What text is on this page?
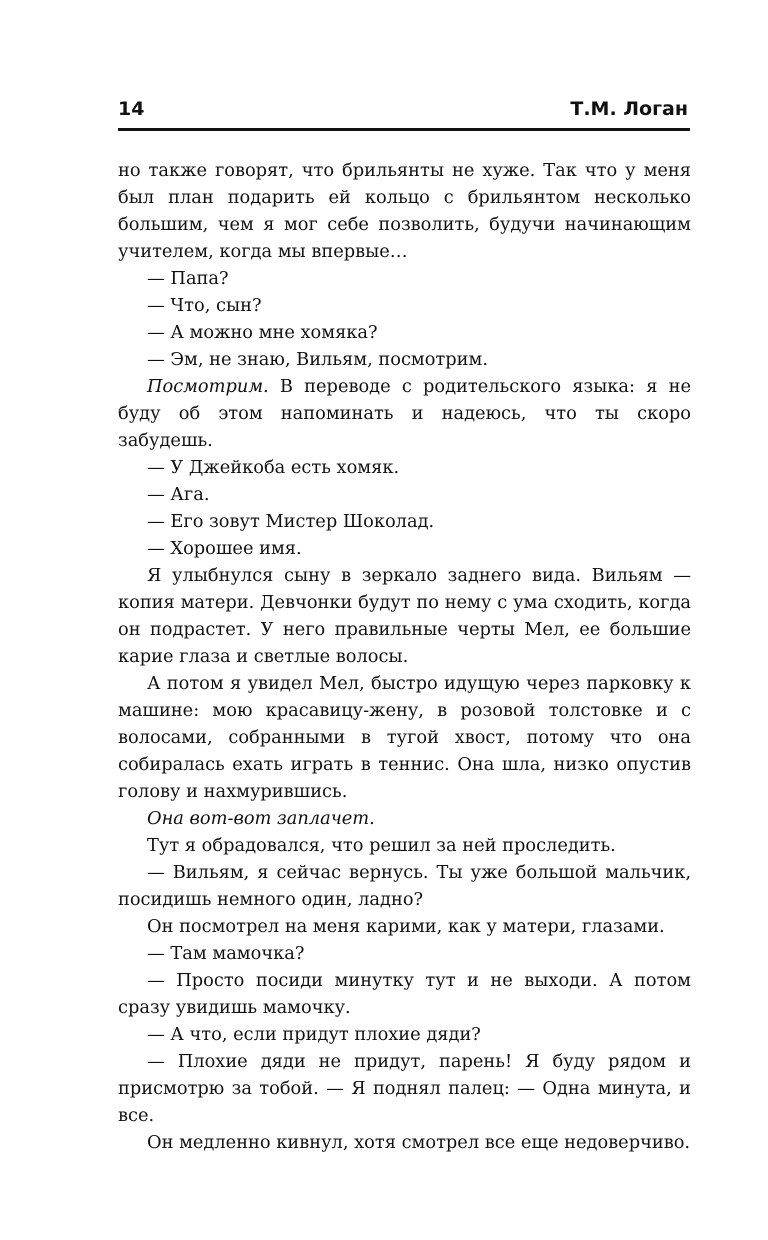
14	Т.М. Логан

но также говорят, что брильянты не хуже. Так что у меня был план подарить ей кольцо с брильянтом несколько большим, чем я мог себе позволить, будучи начинающим учителем, когда мы впервые…

— Папа?

— Что, сын?

— А можно мне хомяка?

— Эм, не знаю, Вильям, посмотрим.

Посмотрим. В переводе с родительского языка: я не буду об этом напоминать и надеюсь, что ты скоро забудешь.

— У Джейкоба есть хомяк.

— Ага.

— Его зовут Мистер Шоколад.

— Хорошее имя.

Я улыбнулся сыну в зеркало заднего вида. Вильям — копия матери. Девчонки будут по нему с ума сходить, когда он подрастет. У него правильные черты Мел, ее большие карие глаза и светлые волосы.

А потом я увидел Мел, быстро идущую через парковку к машине: мою красавицу-жену, в розовой толстовке и с волосами, собранными в тугой хвост, потому что она собиралась ехать играть в теннис. Она шла, низко опустив голову и нахмурившись.

Она вот-вот заплачет.

Тут я обрадовался, что решил за ней проследить.

— Вильям, я сейчас вернусь. Ты уже большой мальчик, посидишь немного один, ладно?

Он посмотрел на меня карими, как у матери, глазами.

— Там мамочка?

— Просто посиди минутку тут и не выходи. А потом сразу увидишь мамочку.

— А что, если придут плохие дяди?

— Плохие дяди не придут, парень! Я буду рядом и присмотрю за тобой. — Я поднял палец: — Одна минута, и все.

Он медленно кивнул, хотя смотрел все еще недоверчиво.
